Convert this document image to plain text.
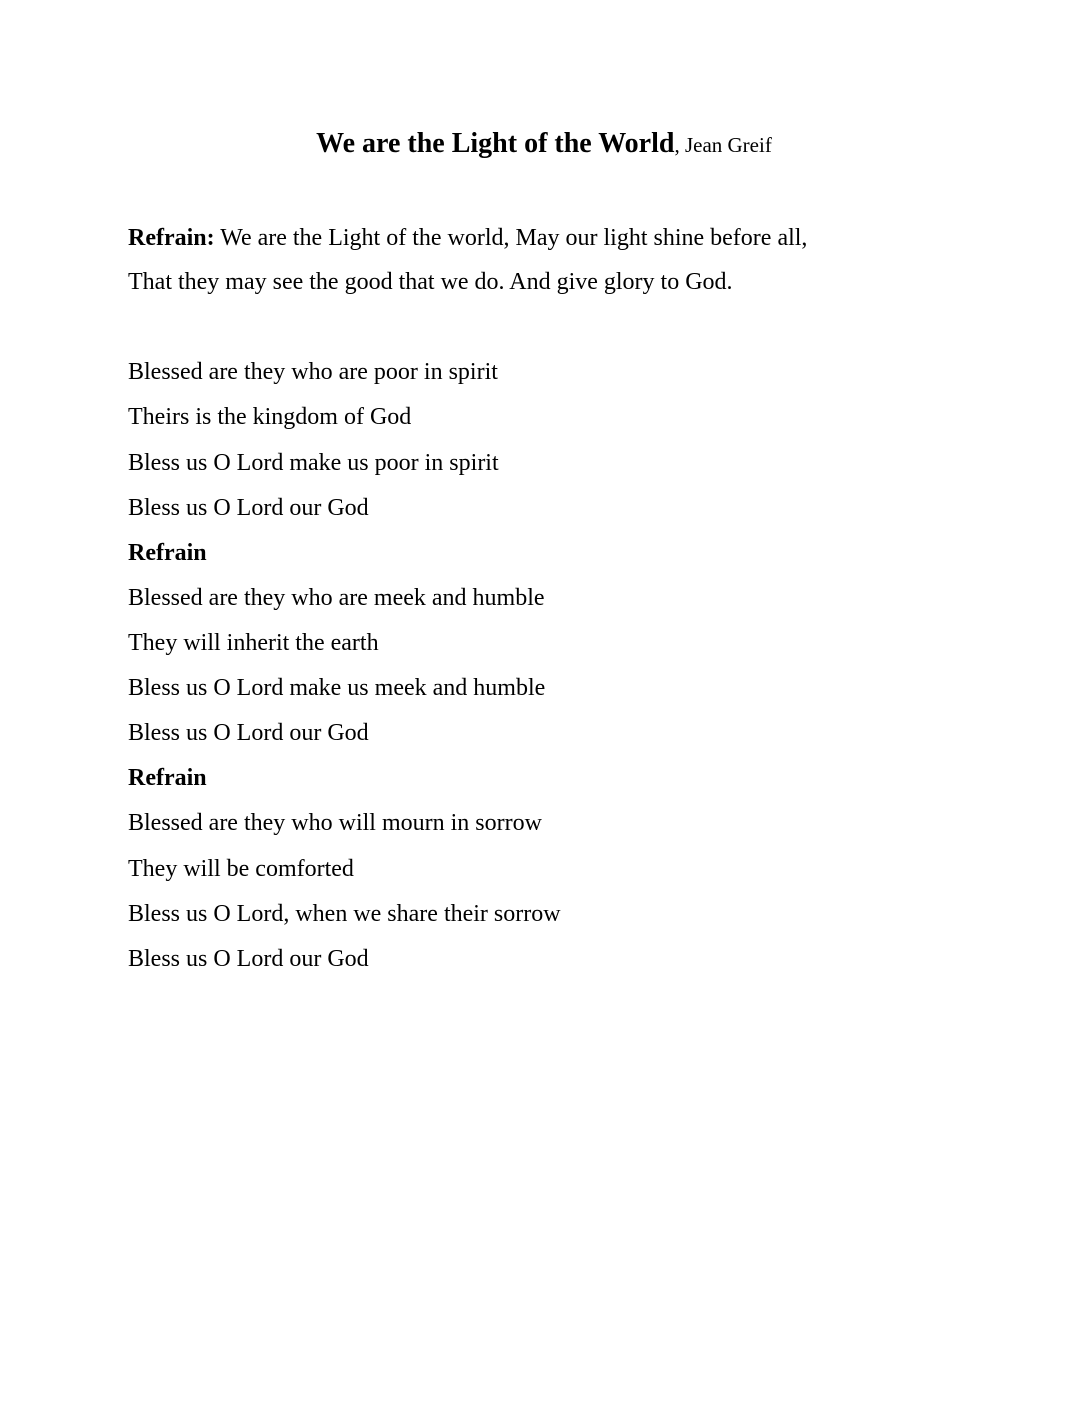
We are the Light of the World, Jean Greif
Refrain: We are the Light of the world, May our light shine before all,
That they may see the good that we do. And give glory to God.
Blessed are they who are poor in spirit
Theirs is the kingdom of God
Bless us O Lord make us poor in spirit
Bless us O Lord our God
Refrain
Blessed are they who are meek and humble
They will inherit the earth
Bless us O Lord make us meek and humble
Bless us O Lord our God
Refrain
Blessed are they who will mourn in sorrow
They will be comforted
Bless us O Lord, when we share their sorrow
Bless us O Lord our God
